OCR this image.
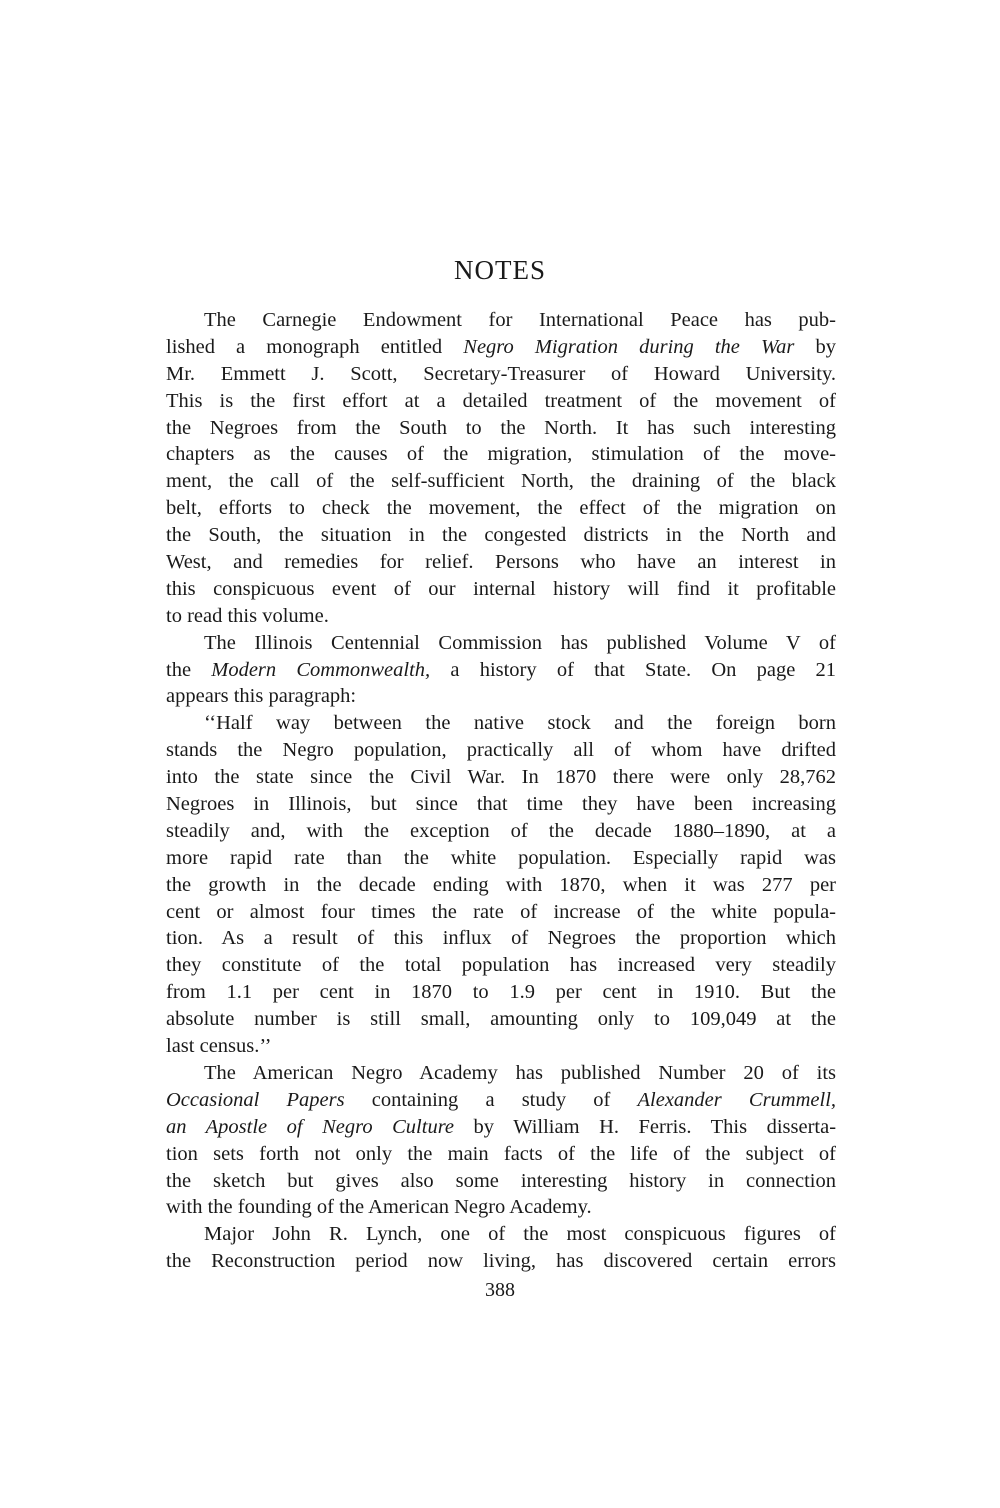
NOTES
The Carnegie Endowment for International Peace has pub-
lished a monograph entitled Negro Migration during the War by
Mr. Emmett J. Scott, Secretary-Treasurer of Howard University.
This is the first effort at a detailed treatment of the movement of
the Negroes from the South to the North. It has such interesting
chapters as the causes of the migration, stimulation of the move-
ment, the call of the self-sufficient North, the draining of the black
belt, efforts to check the movement, the effect of the migration on
the South, the situation in the congested districts in the North and
West, and remedies for relief. Persons who have an interest in
this conspicuous event of our internal history will find it profitable
to read this volume.
The Illinois Centennial Commission has published Volume V of
the Modern Commonwealth, a history of that State. On page 21
appears this paragraph:
‘‘Half way between the native stock and the foreign born
stands the Negro population, practically all of whom have drifted
into the state since the Civil War. In 1870 there were only 28,762
Negroes in Illinois, but since that time they have been increasing
steadily and, with the exception of the decade 1880–1890, at a
more rapid rate than the white population. Especially rapid was
the growth in the decade ending with 1870, when it was 277 per
cent or almost four times the rate of increase of the white popula-
tion. As a result of this influx of Negroes the proportion which
they constitute of the total population has increased very steadily
from 1.1 per cent in 1870 to 1.9 per cent in 1910. But the
absolute number is still small, amounting only to 109,049 at the
last census.’’
The American Negro Academy has published Number 20 of its
Occasional Papers containing a study of Alexander Crummell,
an Apostle of Negro Culture by William H. Ferris. This disserta-
tion sets forth not only the main facts of the life of the subject of
the sketch but gives also some interesting history in connection
with the founding of the American Negro Academy.
Major John R. Lynch, one of the most conspicuous figures of
the Reconstruction period now living, has discovered certain errors
388
